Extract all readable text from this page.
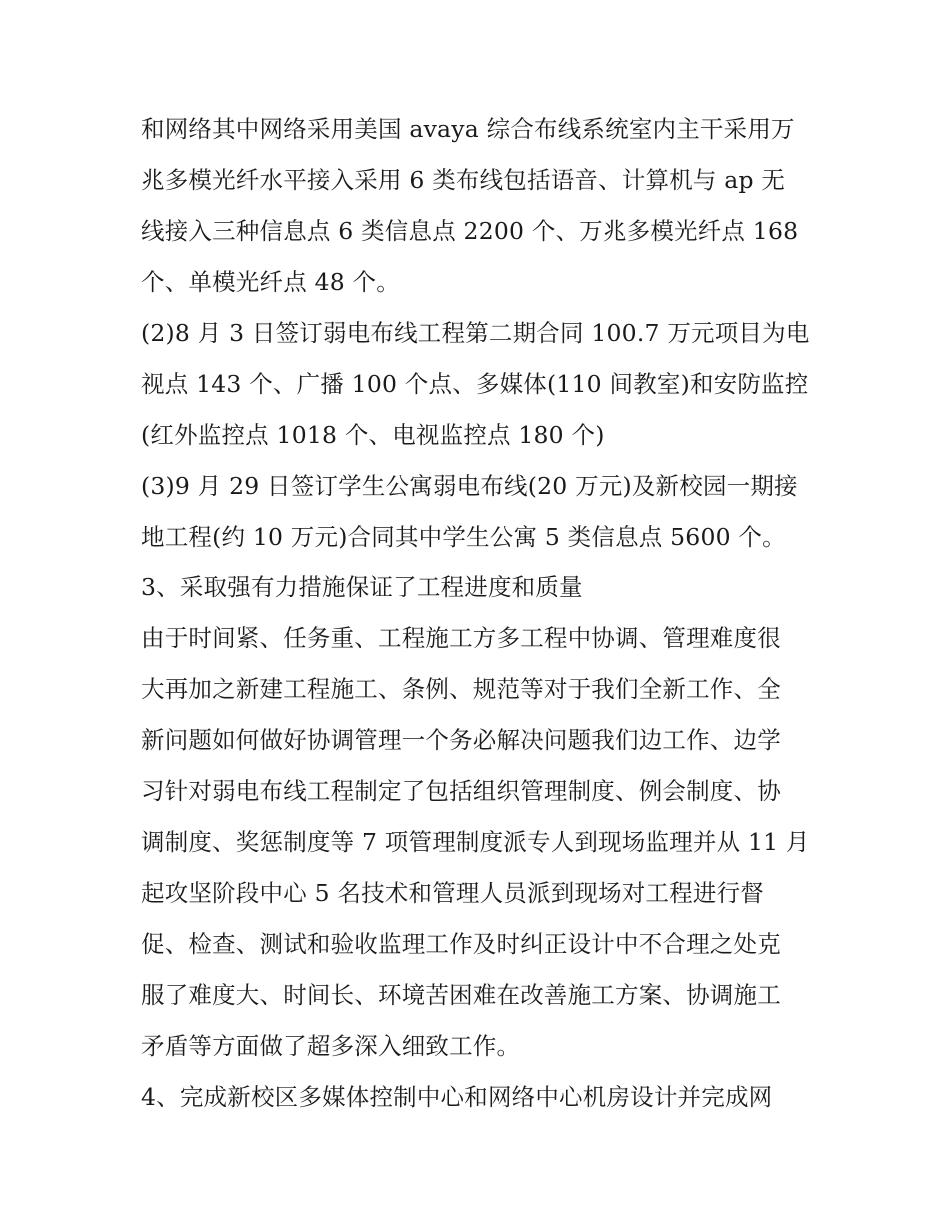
和网络其中网络采用美国 avaya 综合布线系统室内主干采用万
兆多模光纤水平接入采用 6 类布线包括语音、计算机与 ap 无
线接入三种信息点 6 类信息点 2200 个、万兆多模光纤点 168
个、单模光纤点 48 个。
(2)8 月 3 日签订弱电布线工程第二期合同 100.7 万元项目为电
视点 143 个、广播 100 个点、多媒体(110 间教室)和安防监控
(红外监控点 1018 个、电视监控点 180 个)
(3)9 月 29 日签订学生公寓弱电布线(20 万元)及新校园一期接
地工程(约 10 万元)合同其中学生公寓 5 类信息点 5600 个。
3、采取强有力措施保证了工程进度和质量
由于时间紧、任务重、工程施工方多工程中协调、管理难度很
大再加之新建工程施工、条例、规范等对于我们全新工作、全
新问题如何做好协调管理一个务必解决问题我们边工作、边学
习针对弱电布线工程制定了包括组织管理制度、例会制度、协
调制度、奖惩制度等 7 项管理制度派专人到现场监理并从 11 月
起攻坚阶段中心 5 名技术和管理人员派到现场对工程进行督
促、检查、测试和验收监理工作及时纠正设计中不合理之处克
服了难度大、时间长、环境苦困难在改善施工方案、协调施工
矛盾等方面做了超多深入细致工作。
4、完成新校区多媒体控制中心和网络中心机房设计并完成网
